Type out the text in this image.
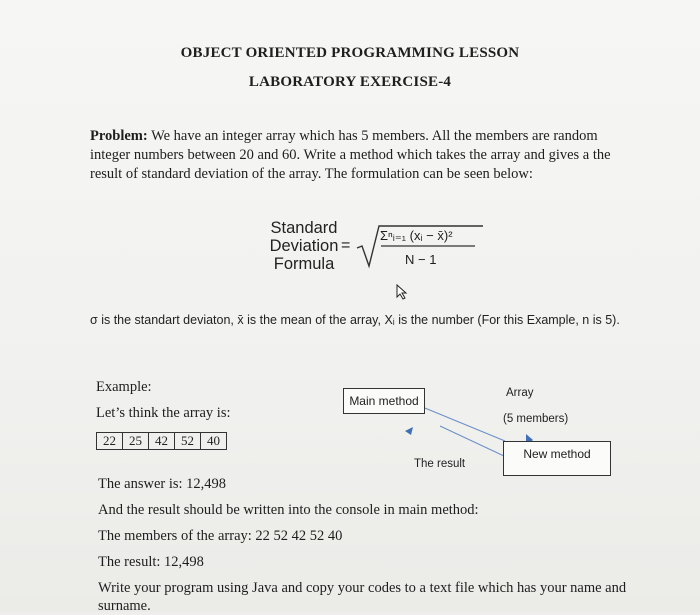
OBJECT ORIENTED PROGRAMMING LESSON
LABORATORY EXERCISE-4
Problem: We have an integer array which has 5 members. All the members are random integer numbers between 20 and 60. Write a method which takes the array and gives a the result of standard deviation of the array. The formulation can be seen below:
Standard
Deviation
Formula
=
Σⁿᵢ₌₁ (xᵢ − x̄)²
N − 1
σ is the standart deviaton, x̄ is the mean of the array, Xᵢ is the number (For this Example, n is 5).
Example:
Let’s think the array is:
22	25	42	52	40
Main method
Array
(5 members)
New method
The result
The answer is: 12,498
And the result should be written into the console in main method:
The members of the array: 22 52 42 52 40
The result: 12,498
Write your program using Java and copy your codes to a text file which has your name and surname.
